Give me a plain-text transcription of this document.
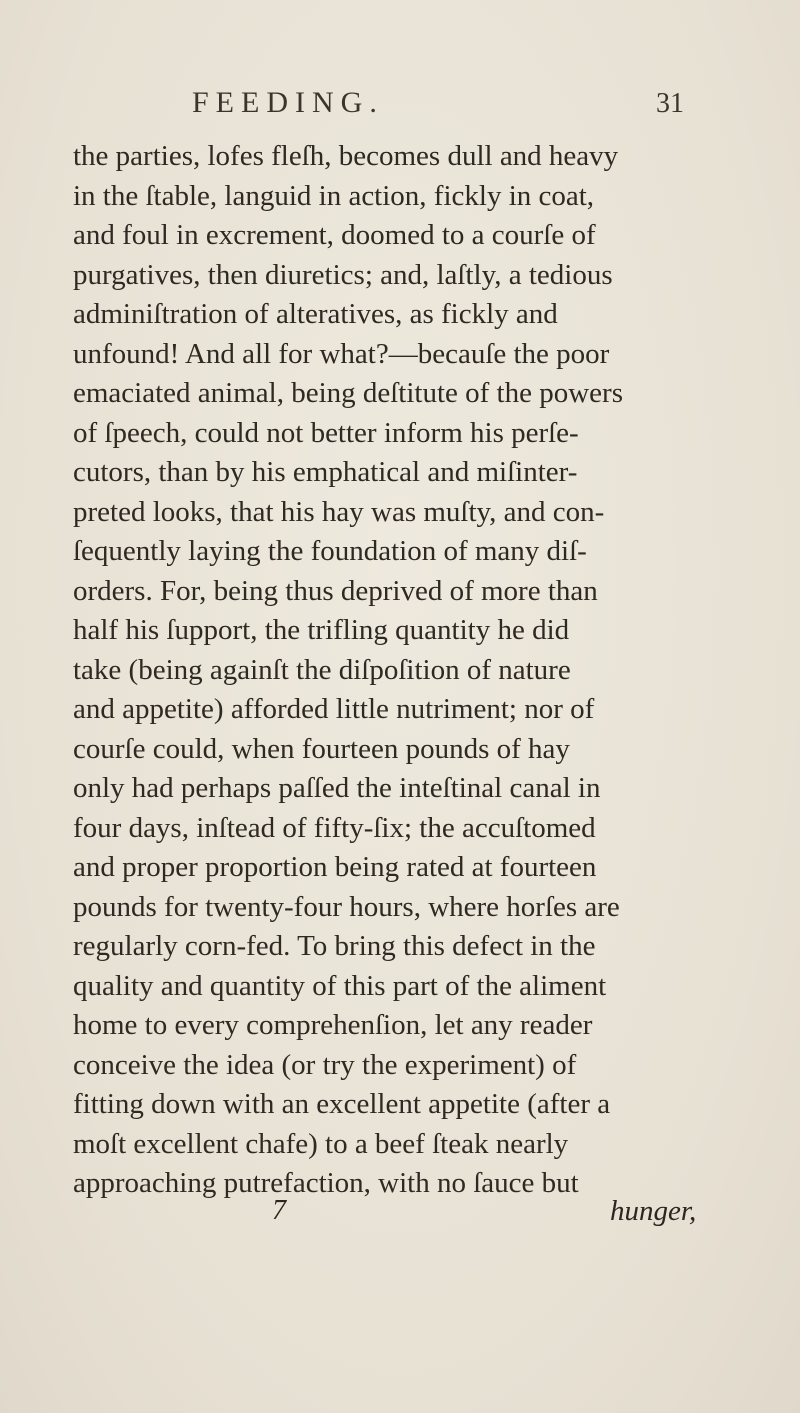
FEEDING.	31
the parties, lofes fleſh, becomes dull and heavy
in the ſtable, languid in action, fickly in coat,
and foul in excrement, doomed to a courſe of
purgatives, then diuretics; and, laſtly, a tedious
adminiſtration of alteratives, as fickly and
unfound! And all for what?—becauſe the poor
emaciated animal, being deſtitute of the powers
of ſpeech, could not better inform his perſe-
cutors, than by his emphatical and miſinter-
preted looks, that his hay was muſty, and con-
ſequently laying the foundation of many diſ-
orders. For, being thus deprived of more than
half his ſupport, the trifling quantity he did
take (being againſt the diſpoſition of nature
and appetite) afforded little nutriment; nor of
courſe could, when fourteen pounds of hay
only had perhaps paſſed the inteſtinal canal in
four days, inſtead of fifty-ſix; the accuſtomed
and proper proportion being rated at fourteen
pounds for twenty-four hours, where horſes are
regularly corn-fed. To bring this defect in the
quality and quantity of this part of the aliment
home to every comprehenſion, let any reader
conceive the idea (or try the experiment) of
fitting down with an excellent appetite (after a
moſt excellent chafe) to a beef ſteak nearly
approaching putrefaction, with no ſauce but
7	hunger,
